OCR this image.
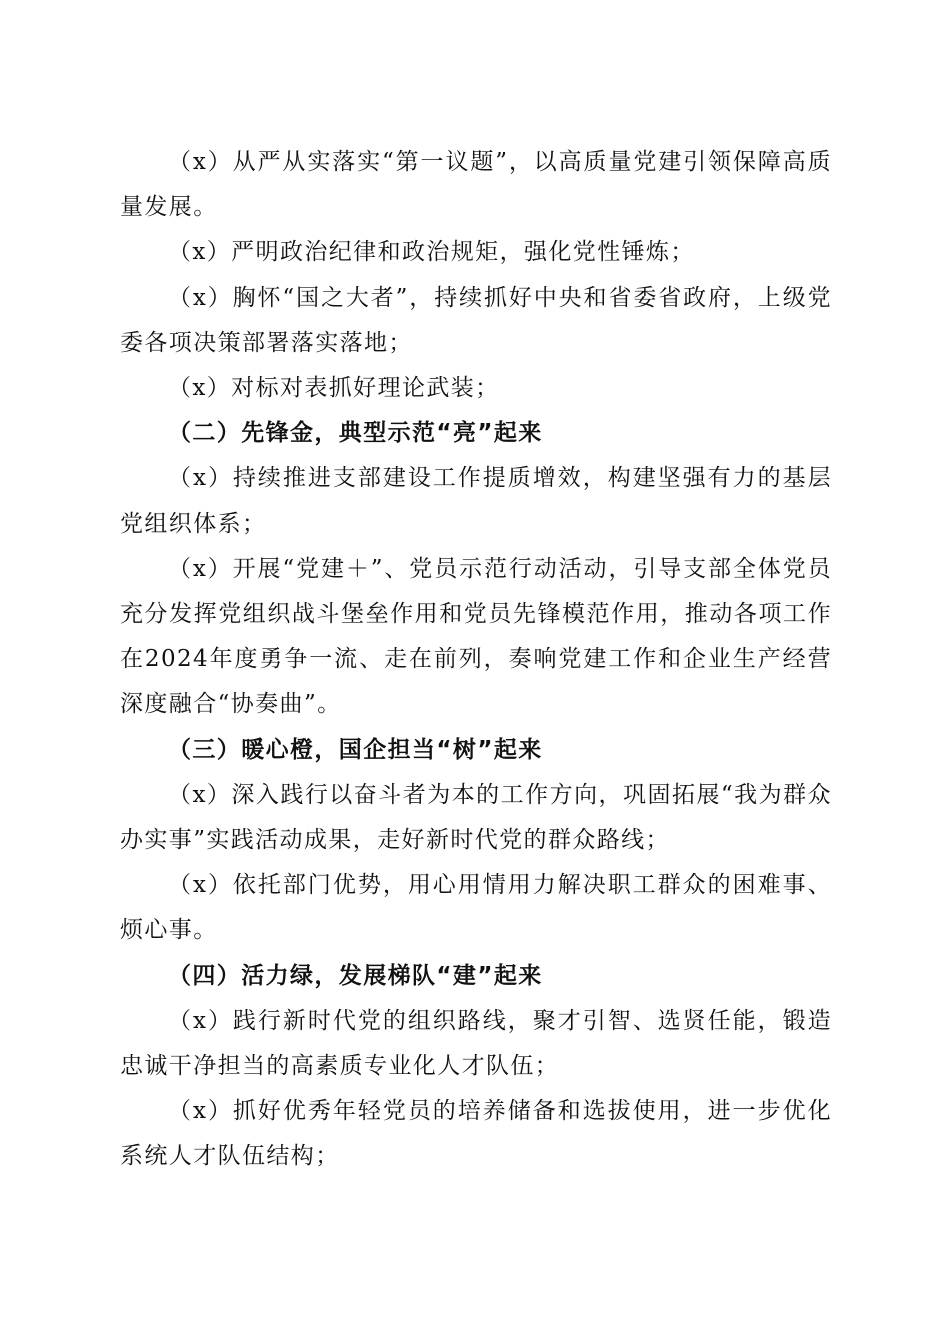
（x）从严从实落实“第一议题”，以高质量党建引领保障高质量发展。

（x）严明政治纪律和政治规矩，强化党性锤炼；

（x）胸怀“国之大者”，持续抓好中央和省委省政府，上级党委各项决策部署落实落地；

（x）对标对表抓好理论武装；

（二）先锋金，典型示范“亮”起来

（x）持续推进支部建设工作提质增效，构建坚强有力的基层党组织体系；

（x）开展“党建＋”、党员示范行动活动，引导支部全体党员充分发挥党组织战斗堡垒作用和党员先锋模范作用，推动各项工作在2024年度勇争一流、走在前列，奏响党建工作和企业生产经营深度融合“协奏曲”。

（三）暖心橙，国企担当“树”起来

（x）深入践行以奋斗者为本的工作方向，巩固拓展“我为群众办实事”实践活动成果，走好新时代党的群众路线；

（x）依托部门优势，用心用情用力解决职工群众的困难事、烦心事。

（四）活力绿，发展梯队“建”起来

（x）践行新时代党的组织路线，聚才引智、选贤任能，锻造忠诚干净担当的高素质专业化人才队伍；

（x）抓好优秀年轻党员的培养储备和选拔使用，进一步优化系统人才队伍结构；
